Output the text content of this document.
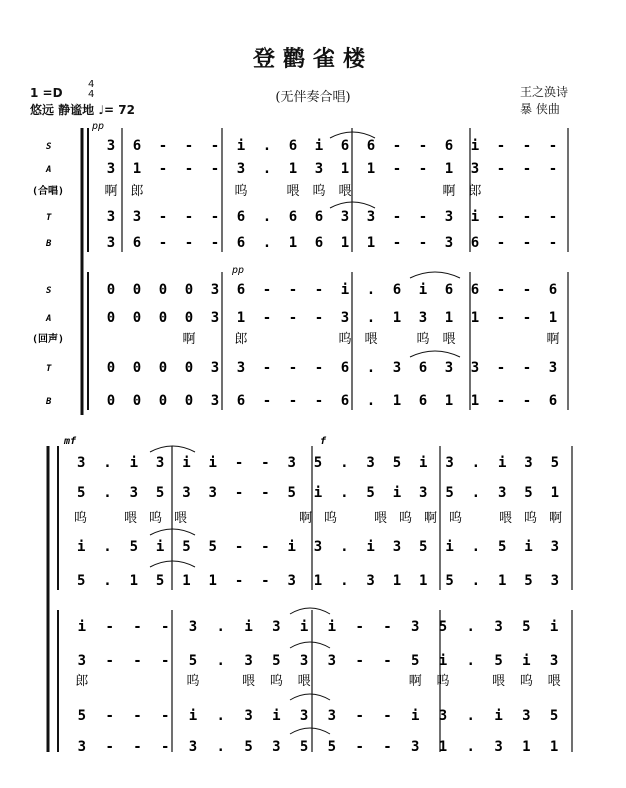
登鹳雀楼
(无伴奏合唱)
1 =D
4
4
悠远 静谧地 ♩= 72
王之涣诗
暴 侠曲
S	3 6 - - - i . 6 i 6 6 - - 6 i - - -
A	3 1 - - - 3 . 1 3 1 1 - - 1 3 - - -
(合唱)	啊 郎	呜	喂 呜 喂	啊 郎
T	3 3 - - - 6 . 6 6 3 3 - - 3 i - - -
B	3 6 - - - 6 . 1 6 1 1 - - 3 6 - - -
S	0 0 0 0 3 6 - - - i . 6 i 6 6 - - 6
A	0 0 0 0 3 1 - - - 3 . 1 3 1 1 - - 1
(回声)	啊	郎	呜 喂	呜 喂	啊
T	0 0 0 0 3 3 - - - 6 . 3 6 3 3 - - 3
B	0 0 0 0 3 6 - - - 6 . 1 6 1 1 - - 6
3 . i 3 i i - - 3 5 . 3 5 i 3 . i 3 5
5 . 3 5 3 3 - - 5 i . 5 i 3 5 . 3 5 1
呜	喂 呜 喂	啊 呜	喂 呜 啊 呜	喂 呜 啊
i . 5 i 5 5 - - i 3 . i 3 5 i . 5 i 3
5 . 1 5 1 1 - - 3 1 . 3 1 1 5 . 1 5 3
i - - - 3 . i 3 i i - - 3 5 . 3 5 i
3 - - - 5 . 3 5 3 3 - - 5 i . 5 i 3
郎	呜	喂 呜 喂	啊 呜	喂 呜 喂
5 - - - i . 3 i 3 3 - - i 3 . i 3 5
3 - - - 3 . 5 3 5 5 - - 3 1 . 3 1 1
pp
pp
mf	f
